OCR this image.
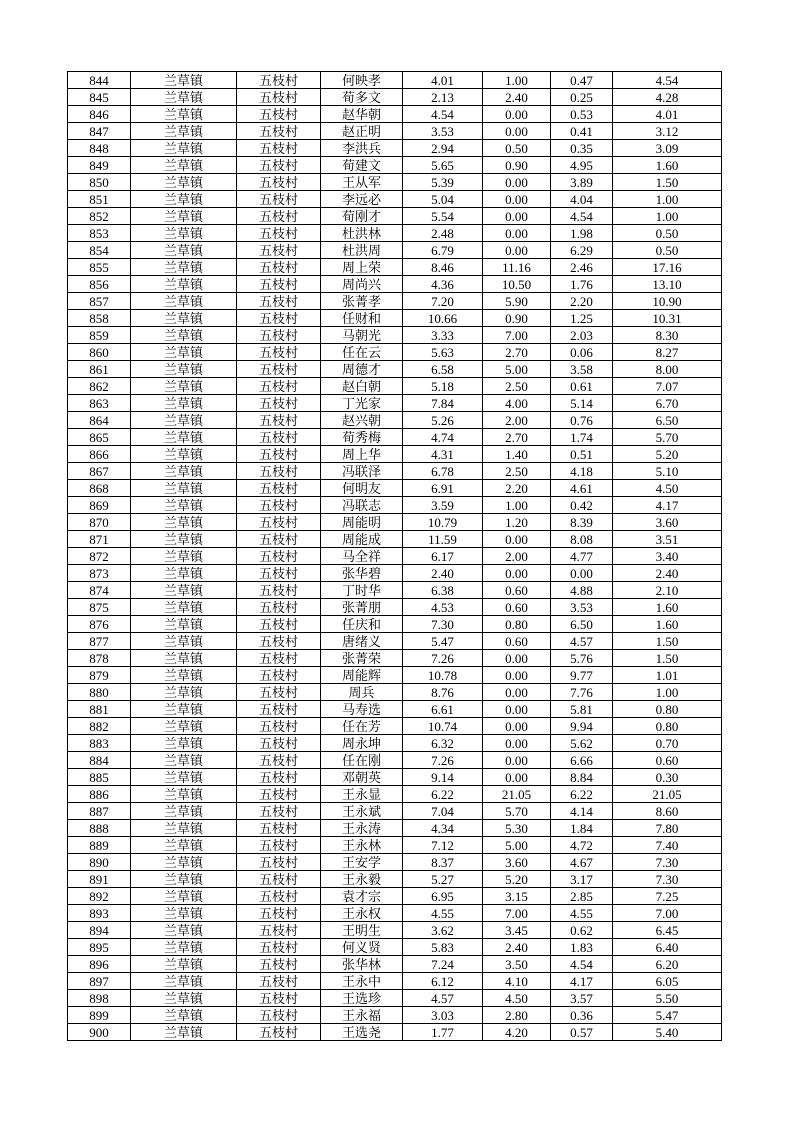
844	兰草镇	五枝村	何映孝	4.01	1.00	0.47	4.54
845	兰草镇	五枝村	荀多文	2.13	2.40	0.25	4.28
846	兰草镇	五枝村	赵华朝	4.54	0.00	0.53	4.01
847	兰草镇	五枝村	赵正明	3.53	0.00	0.41	3.12
848	兰草镇	五枝村	李洪兵	2.94	0.50	0.35	3.09
849	兰草镇	五枝村	荀建文	5.65	0.90	4.95	1.60
850	兰草镇	五枝村	王从军	5.39	0.00	3.89	1.50
851	兰草镇	五枝村	李远必	5.04	0.00	4.04	1.00
852	兰草镇	五枝村	荀刚才	5.54	0.00	4.54	1.00
853	兰草镇	五枝村	杜洪林	2.48	0.00	1.98	0.50
854	兰草镇	五枝村	杜洪周	6.79	0.00	6.29	0.50
855	兰草镇	五枝村	周上荣	8.46	11.16	2.46	17.16
856	兰草镇	五枝村	周尚兴	4.36	10.50	1.76	13.10
857	兰草镇	五枝村	张菁孝	7.20	5.90	2.20	10.90
858	兰草镇	五枝村	任财和	10.66	0.90	1.25	10.31
859	兰草镇	五枝村	马朝光	3.33	7.00	2.03	8.30
860	兰草镇	五枝村	任在云	5.63	2.70	0.06	8.27
861	兰草镇	五枝村	周德才	6.58	5.00	3.58	8.00
862	兰草镇	五枝村	赵白朝	5.18	2.50	0.61	7.07
863	兰草镇	五枝村	丁光家	7.84	4.00	5.14	6.70
864	兰草镇	五枝村	赵兴朝	5.26	2.00	0.76	6.50
865	兰草镇	五枝村	荀秀梅	4.74	2.70	1.74	5.70
866	兰草镇	五枝村	周上华	4.31	1.40	0.51	5.20
867	兰草镇	五枝村	冯联泽	6.78	2.50	4.18	5.10
868	兰草镇	五枝村	何明友	6.91	2.20	4.61	4.50
869	兰草镇	五枝村	冯联志	3.59	1.00	0.42	4.17
870	兰草镇	五枝村	周能明	10.79	1.20	8.39	3.60
871	兰草镇	五枝村	周能成	11.59	0.00	8.08	3.51
872	兰草镇	五枝村	马全祥	6.17	2.00	4.77	3.40
873	兰草镇	五枝村	张华碧	2.40	0.00	0.00	2.40
874	兰草镇	五枝村	丁时华	6.38	0.60	4.88	2.10
875	兰草镇	五枝村	张菁朋	4.53	0.60	3.53	1.60
876	兰草镇	五枝村	任庆和	7.30	0.80	6.50	1.60
877	兰草镇	五枝村	唐绪义	5.47	0.60	4.57	1.50
878	兰草镇	五枝村	张菁荣	7.26	0.00	5.76	1.50
879	兰草镇	五枝村	周能辉	10.78	0.00	9.77	1.01
880	兰草镇	五枝村	周兵	8.76	0.00	7.76	1.00
881	兰草镇	五枝村	马寿选	6.61	0.00	5.81	0.80
882	兰草镇	五枝村	任在芳	10.74	0.00	9.94	0.80
883	兰草镇	五枝村	周永坤	6.32	0.00	5.62	0.70
884	兰草镇	五枝村	任在刚	7.26	0.00	6.66	0.60
885	兰草镇	五枝村	邓朝英	9.14	0.00	8.84	0.30
886	兰草镇	五枝村	王永显	6.22	21.05	6.22	21.05
887	兰草镇	五枝村	王永斌	7.04	5.70	4.14	8.60
888	兰草镇	五枝村	王永涛	4.34	5.30	1.84	7.80
889	兰草镇	五枝村	王永林	7.12	5.00	4.72	7.40
890	兰草镇	五枝村	王安学	8.37	3.60	4.67	7.30
891	兰草镇	五枝村	王永毅	5.27	5.20	3.17	7.30
892	兰草镇	五枝村	袁才宗	6.95	3.15	2.85	7.25
893	兰草镇	五枝村	王永权	4.55	7.00	4.55	7.00
894	兰草镇	五枝村	王明生	3.62	3.45	0.62	6.45
895	兰草镇	五枝村	何义贤	5.83	2.40	1.83	6.40
896	兰草镇	五枝村	张华林	7.24	3.50	4.54	6.20
897	兰草镇	五枝村	王永中	6.12	4.10	4.17	6.05
898	兰草镇	五枝村	王选珍	4.57	4.50	3.57	5.50
899	兰草镇	五枝村	王永福	3.03	2.80	0.36	5.47
900	兰草镇	五枝村	王选尧	1.77	4.20	0.57	5.40
